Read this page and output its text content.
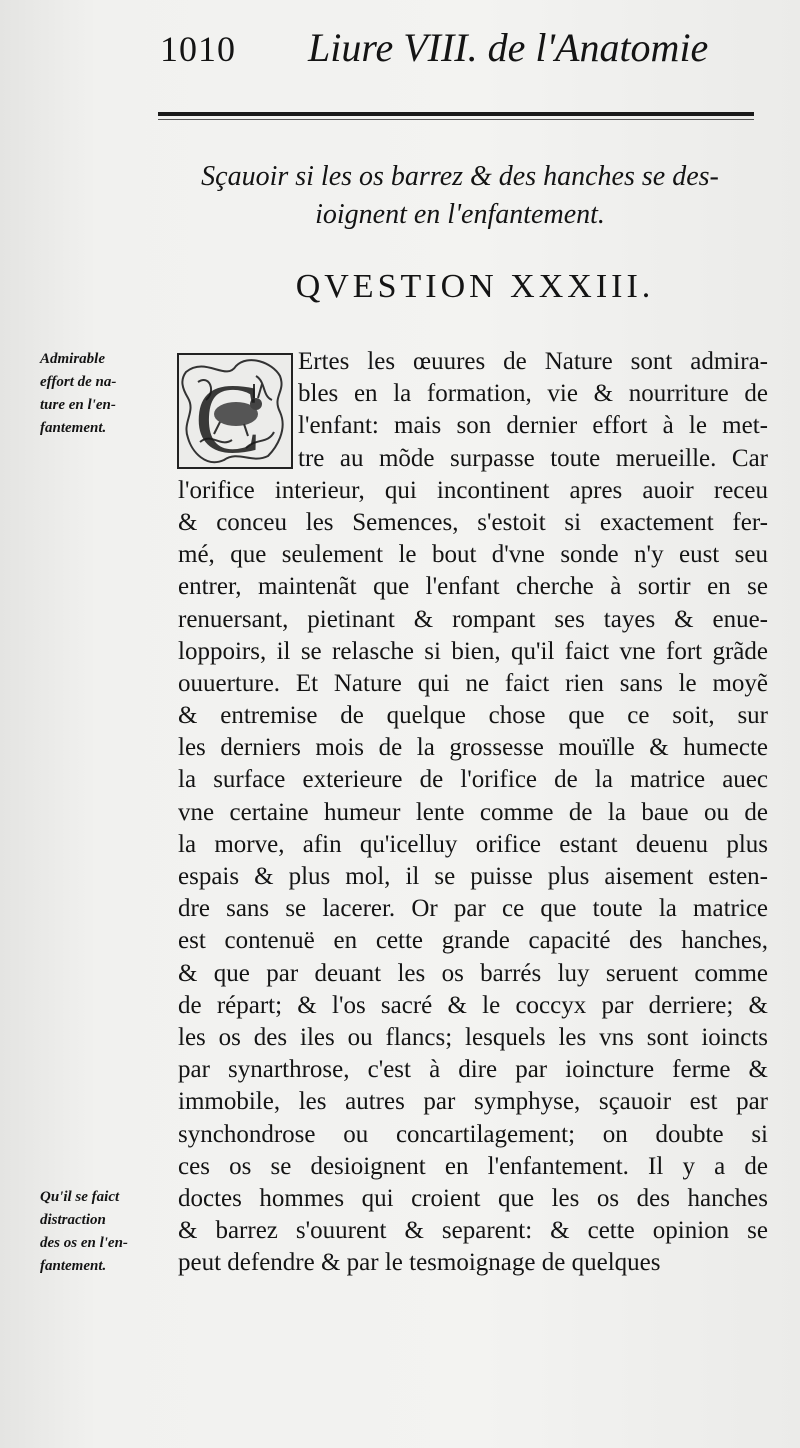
1010 Liure VIII. de l'Anatomie
Sçauoir si les os barrez & des hanches se des-
ioignent en l'enfantement.
QVESTION XXXIII.
Admirable
effort de na-
ture en l'en-
fantement.
Qu'il se faict
distraction
des os en l'en-
fantement.
C
Ertes les œuures de Nature sont admira-
bles en la formation, vie & nourriture de
l'enfant: mais son dernier effort à le met-
tre au mõde surpasse toute merueille. Car
l'orifice interieur, qui incontinent apres auoir receu
& conceu les Semences, s'estoit si exactement fer-
mé, que seulement le bout d'vne sonde n'y eust seu
entrer, maintenãt que l'enfant cherche à sortir en se
renuersant, pietinant & rompant ses tayes & enue-
loppoirs, il se relasche si bien, qu'il faict vne fort grãde
ouuerture. Et Nature qui ne faict rien sans le moyẽ
& entremise de quelque chose que ce soit, sur
les derniers mois de la grossesse mouïlle & humecte
la surface exterieure de l'orifice de la matrice auec
vne certaine humeur lente comme de la baue ou de
la morve, afin qu'icelluy orifice estant deuenu plus
espais & plus mol, il se puisse plus aisement esten-
dre sans se lacerer. Or par ce que toute la matrice
est contenuë en cette grande capacité des hanches,
& que par deuant les os barrés luy seruent comme
de répart; & l'os sacré & le coccyx par derriere; &
les os des iles ou flancs; lesquels les vns sont ioincts
par synarthrose, c'est à dire par ioincture ferme &
immobile, les autres par symphyse, sçauoir est par
synchondrose ou concartilagement; on doubte si
ces os se desioignent en l'enfantement. Il y a de
doctes hommes qui croient que les os des hanches
& barrez s'ouurent & separent: & cette opinion se
peut defendre & par le tesmoignage de quelques
